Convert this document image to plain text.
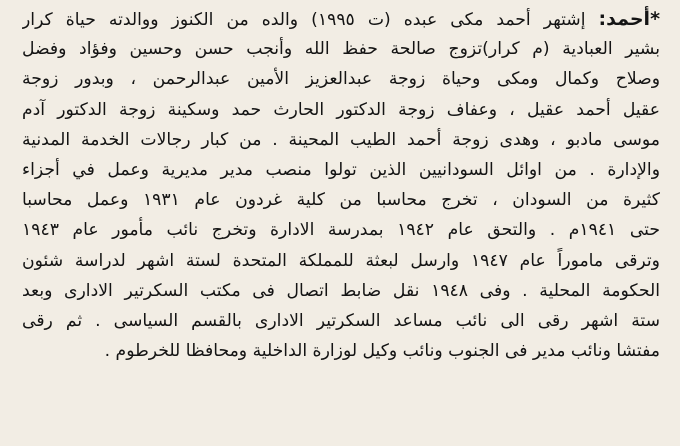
*أحمد: إشتهر أحمد مكى عبده (ت ١٩٩٥) والده من الكنوز ووالدته حياة كرار
بشير العبادية (م كرار)تزوج صالحة حفظ الله وأنجب حسن وحسين وفؤاد وفضل
وصلاح وكمال ومكى وحياة زوجة عبدالعزيز الأمين عبدالرحمن ، وبدور زوجة
عقيل أحمد عقيل ، وعفاف زوجة الدكتور الحارث حمد وسكينة زوجة الدكتور آدم
موسى مادبو ، وهدى زوجة أحمد الطيب المحينة . من كبار رجالات الخدمة المدنية
والإدارة . من اوائل السودانيين الذين تولوا منصب مدير مديرية وعمل في أجزاء
كثيرة من السودان ، تخرج محاسبا من كلية غردون عام ١٩٣١ وعمل محاسبا
حتى ١٩٤١م . والتحق عام ١٩٤٢ بمدرسة الادارة وتخرج نائب مأمور عام ١٩٤٣
وترقى ماموراً عام ١٩٤٧ وارسل لبعثة للمملكة المتحدة لستة اشهر لدراسة شئون
الحكومة المحلية . وفى ١٩٤٨ نقل ضابط اتصال فى مكتب السكرتير الادارى وبعد
ستة اشهر رقى الى نائب مساعد السكرتير الادارى بالقسم السياسى . ثم رقى
مفتشا ونائب مدير فى الجنوب ونائب وكيل لوزارة الداخلية ومحافظا للخرطوم .
